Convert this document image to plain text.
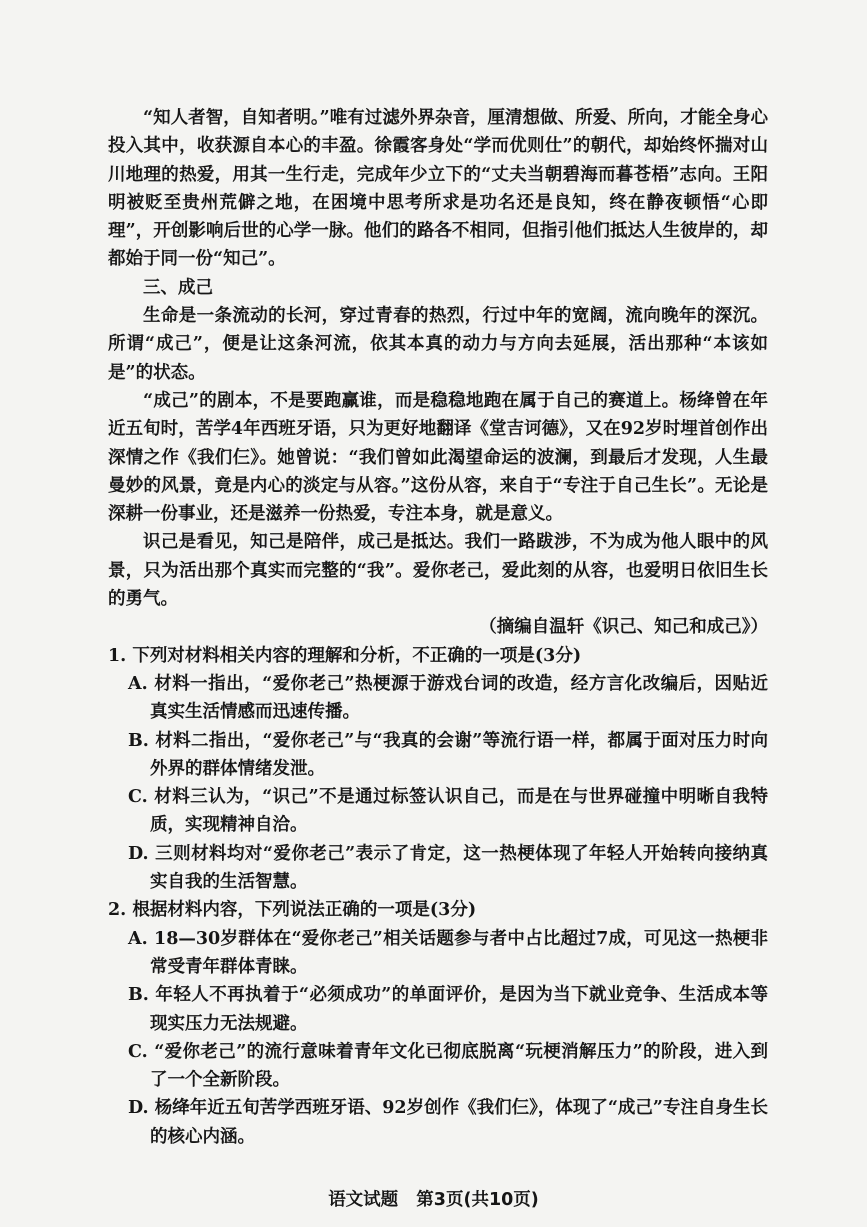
“知人者智，自知者明。”唯有过滤外界杂音，厘清想做、所爱、所向，才能全身心投入其中，收获源自本心的丰盈。徐霞客身处“学而优则仕”的朝代，却始终怀揣对山川地理的热爱，用其一生行走，完成年少立下的“丈夫当朝碧海而暮苍梧”志向。王阳明被贬至贵州荒僻之地，在困境中思考所求是功名还是良知，终在静夜顿悟“心即理”，开创影响后世的心学一脉。他们的路各不相同，但指引他们抵达人生彼岸的，却都始于同一份“知己”。

三、成己

生命是一条流动的长河，穿过青春的热烈，行过中年的宽阔，流向晚年的深沉。所谓“成己”，便是让这条河流，依其本真的动力与方向去延展，活出那种“本该如是”的状态。

“成己”的剧本，不是要跑赢谁，而是稳稳地跑在属于自己的赛道上。杨绛曾在年近五旬时，苦学4年西班牙语，只为更好地翻译《堂吉诃德》，又在92岁时埋首创作出深情之作《我们仨》。她曾说：“我们曾如此渴望命运的波澜，到最后才发现，人生最曼妙的风景，竟是内心的淡定与从容。”这份从容，来自于“专注于自己生长”。无论是深耕一份事业，还是滋养一份热爱，专注本身，就是意义。

识己是看见，知己是陪伴，成己是抵达。我们一路跋涉，不为成为他人眼中的风景，只为活出那个真实而完整的“我”。爱你老己，爱此刻的从容，也爱明日依旧生长的勇气。

（摘编自温轩《识己、知己和成己》）

1. 下列对材料相关内容的理解和分析，不正确的一项是(3分)

A. 材料一指出，“爱你老己”热梗源于游戏台词的改造，经方言化改编后，因贴近真实生活情感而迅速传播。
B. 材料二指出，“爱你老己”与“我真的会谢”等流行语一样，都属于面对压力时向外界的群体情绪发泄。
C. 材料三认为，“识己”不是通过标签认识自己，而是在与世界碰撞中明晰自我特质，实现精神自洽。
D. 三则材料均对“爱你老己”表示了肯定，这一热梗体现了年轻人开始转向接纳真实自我的生活智慧。

2. 根据材料内容，下列说法正确的一项是(3分)

A. 18—30岁群体在“爱你老己”相关话题参与者中占比超过7成，可见这一热梗非常受青年群体青睐。
B. 年轻人不再执着于“必须成功”的单面评价，是因为当下就业竞争、生活成本等现实压力无法规避。
C. “爱你老己”的流行意味着青年文化已彻底脱离“玩梗消解压力”的阶段，进入到了一个全新阶段。
D. 杨绛年近五旬苦学西班牙语、92岁创作《我们仨》，体现了“成己”专注自身生长的核心内涵。
语文试题 第3页(共10页)
